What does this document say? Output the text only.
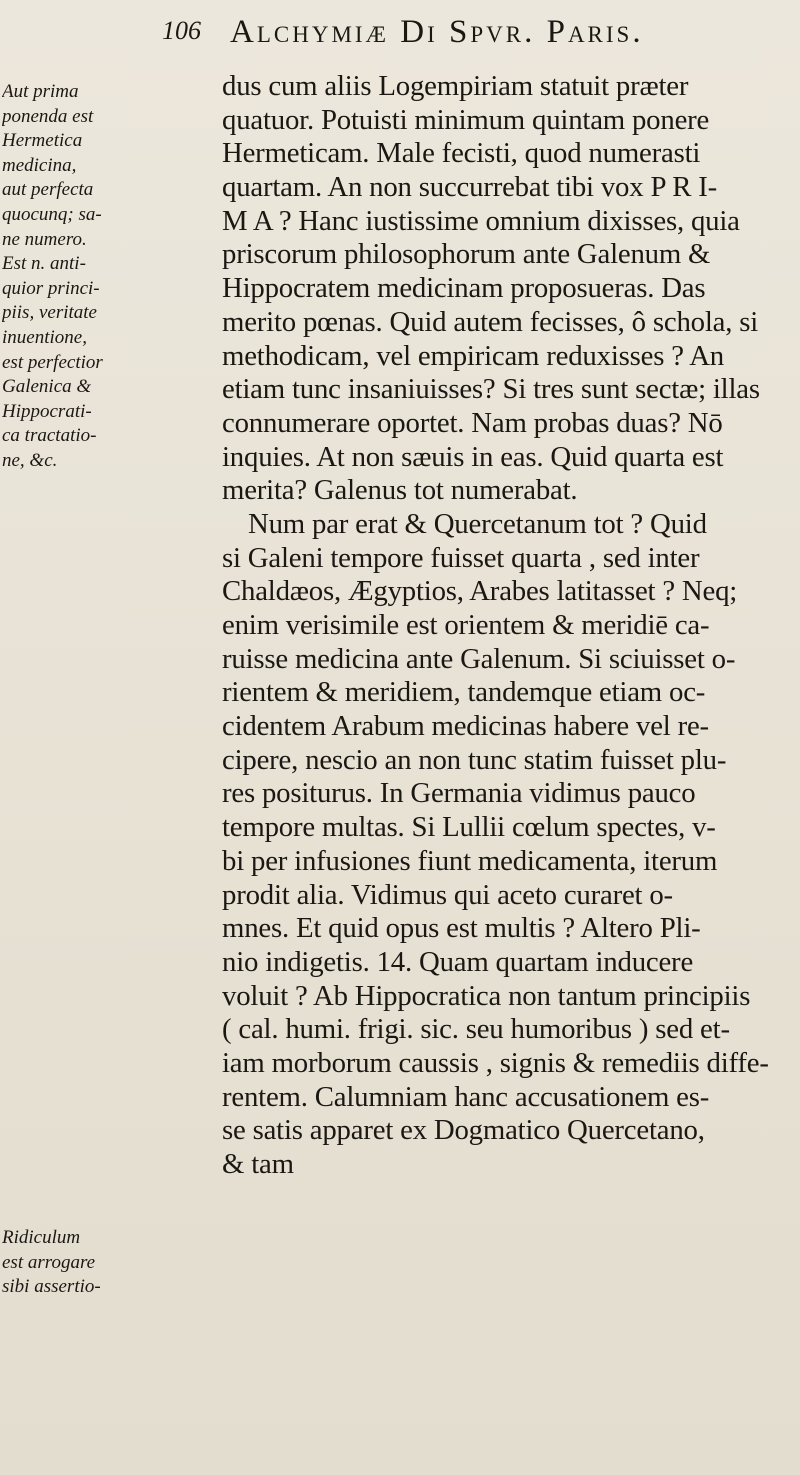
106 Alchymiæ Di Spvr. Paris.
Aut prima
ponenda est
Hermetica
medicina,
aut perfecta
quocunq; sa-
ne numero.
Est n. anti-
quior princi-
piis, veritate
inuentione,
est perfectior
Galenica &
Hippocrati-
ca tractatio-
ne, &c.
Ridiculum
est arrogare
sibi assertio-
dus cum aliis Logempiriam statuit præter
quatuor. Potuisti minimum quintam ponere
Hermeticam. Male fecisti, quod numerasti
quartam. An non succurrebat tibi vox P R I-
M A ? Hanc iustissime omnium dixisses, quia
priscorum philosophorum ante Galenum &
Hippocratem medicinam proposueras. Das
merito pœnas. Quid autem fecisses, ô schola, si
methodicam, vel empiricam reduxisses ? An
etiam tunc insaniuisses? Si tres sunt sectæ; illas
connumerare oportet. Nam probas duas? Nō
inquies. At non sæuis in eas. Quid quarta est
merita? Galenus tot numerabat.
Num par erat & Quercetanum tot ? Quid
si Galeni tempore fuisset quarta , sed inter
Chaldæos, Ægyptios, Arabes latitasset ? Neq;
enim verisimile est orientem & meridiē ca-
ruisse medicina ante Galenum. Si sciuisset o-
rientem & meridiem, tandemque etiam oc-
cidentem Arabum medicinas habere vel re-
cipere, nescio an non tunc statim fuisset plu-
res positurus. In Germania vidimus pauco
tempore multas. Si Lullii cœlum spectes, v-
bi per infusiones fiunt medicamenta, iterum
prodit alia. Vidimus qui aceto curaret o-
mnes. Et quid opus est multis ? Altero Pli-
nio indigetis. 14. Quam quartam inducere
voluit ? Ab Hippocratica non tantum principiis
( cal. humi. frigi. sic. seu humoribus ) sed et-
iam morborum caussis , signis & remediis diffe-
rentem. Calumniam hanc accusationem es-
se satis apparet ex Dogmatico Quercetano,
& tam
